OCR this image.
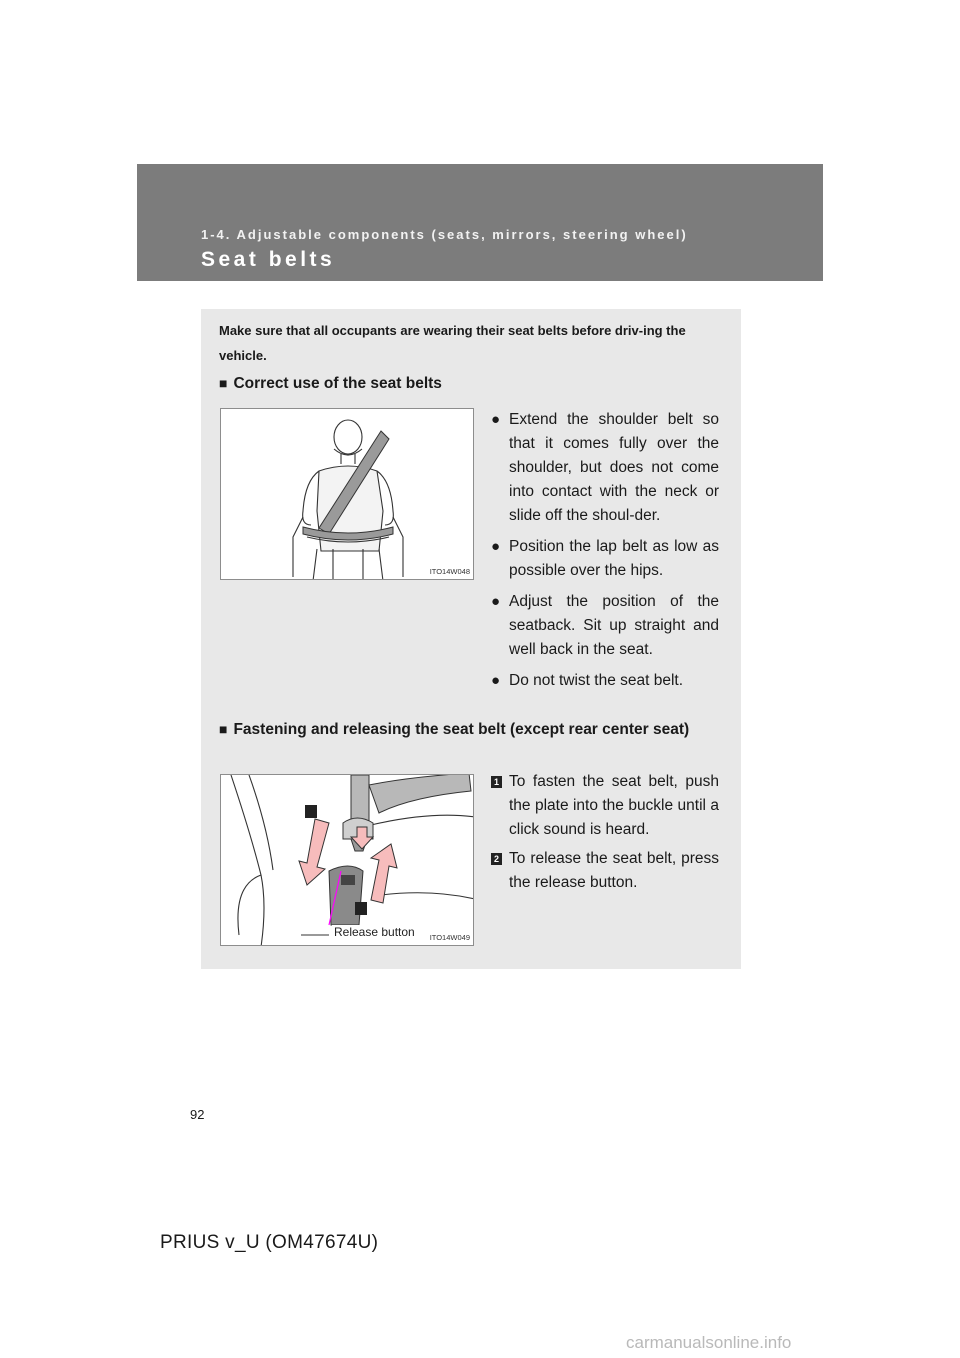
1-4. Adjustable components (seats, mirrors, steering wheel)
Seat belts
Make sure that all occupants are wearing their seat belts before driv-ing the vehicle.
■ Correct use of the seat belts
ITO14W048
● Extend the shoulder belt so that it comes fully over the shoulder, but does not come into contact with the neck or slide off the shoul-der.
● Position the lap belt as low as possible over the hips.
● Adjust the position of the seatback. Sit up straight and well back in the seat.
● Do not twist the seat belt.
■ Fastening and releasing the seat belt (except rear center seat)
Release button ITO14W049
1 To fasten the seat belt, push the plate into the buckle until a click sound is heard.
2 To release the seat belt, press the release button.
92
PRIUS v_U (OM47674U)
carmanualsonline.info
